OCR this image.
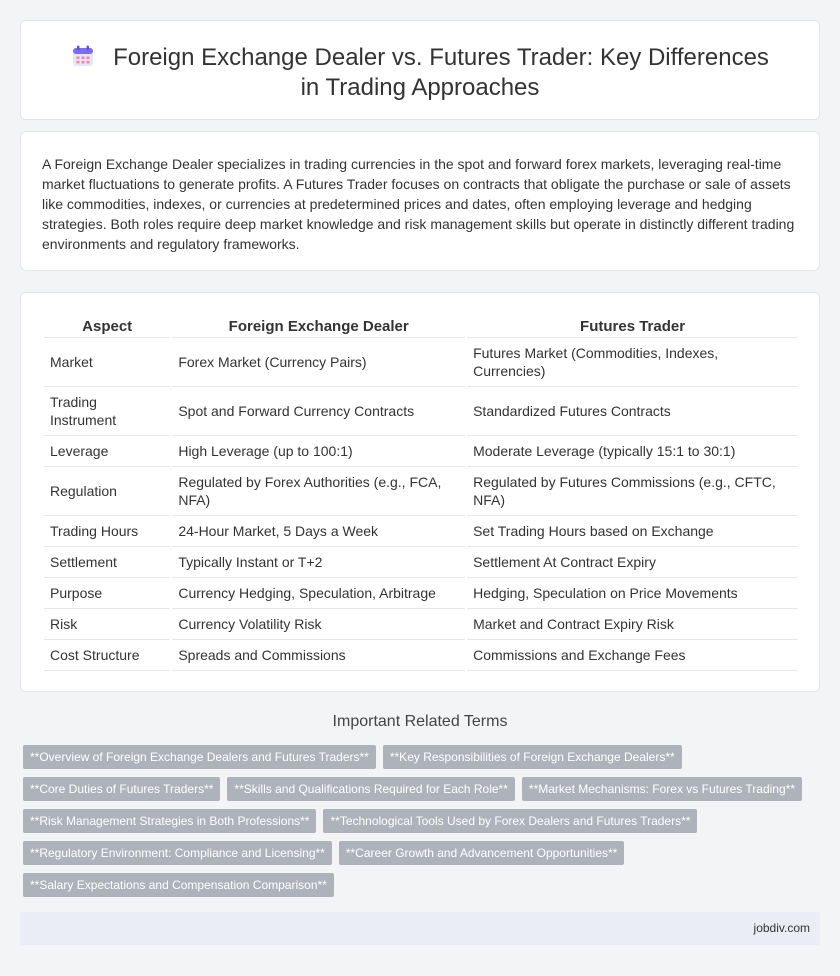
Foreign Exchange Dealer vs. Futures Trader: Key Differences in Trading Approaches

A Foreign Exchange Dealer specializes in trading currencies in the spot and forward forex markets, leveraging real-time market fluctuations to generate profits. A Futures Trader focuses on contracts that obligate the purchase or sale of assets like commodities, indexes, or currencies at predetermined prices and dates, often employing leverage and hedging strategies. Both roles require deep market knowledge and risk management skills but operate in distinctly different trading environments and regulatory frameworks.

Aspect	Foreign Exchange Dealer	Futures Trader
Market	Forex Market (Currency Pairs)	Futures Market (Commodities, Indexes, Currencies)
Trading Instrument	Spot and Forward Currency Contracts	Standardized Futures Contracts
Leverage	High Leverage (up to 100:1)	Moderate Leverage (typically 15:1 to 30:1)
Regulation	Regulated by Forex Authorities (e.g., FCA, NFA)	Regulated by Futures Commissions (e.g., CFTC, NFA)
Trading Hours	24-Hour Market, 5 Days a Week	Set Trading Hours based on Exchange
Settlement	Typically Instant or T+2	Settlement At Contract Expiry
Purpose	Currency Hedging, Speculation, Arbitrage	Hedging, Speculation on Price Movements
Risk	Currency Volatility Risk	Market and Contract Expiry Risk
Cost Structure	Spreads and Commissions	Commissions and Exchange Fees
Important Related Terms
**Overview of Foreign Exchange Dealers and Futures Traders**	**Key Responsibilities of Foreign Exchange Dealers**
**Core Duties of Futures Traders**	**Skills and Qualifications Required for Each Role**	**Market Mechanisms: Forex vs Futures Trading**
**Risk Management Strategies in Both Professions**	**Technological Tools Used by Forex Dealers and Futures Traders**
**Regulatory Environment: Compliance and Licensing**	**Career Growth and Advancement Opportunities**
**Salary Expectations and Compensation Comparison**
jobdiv.com
